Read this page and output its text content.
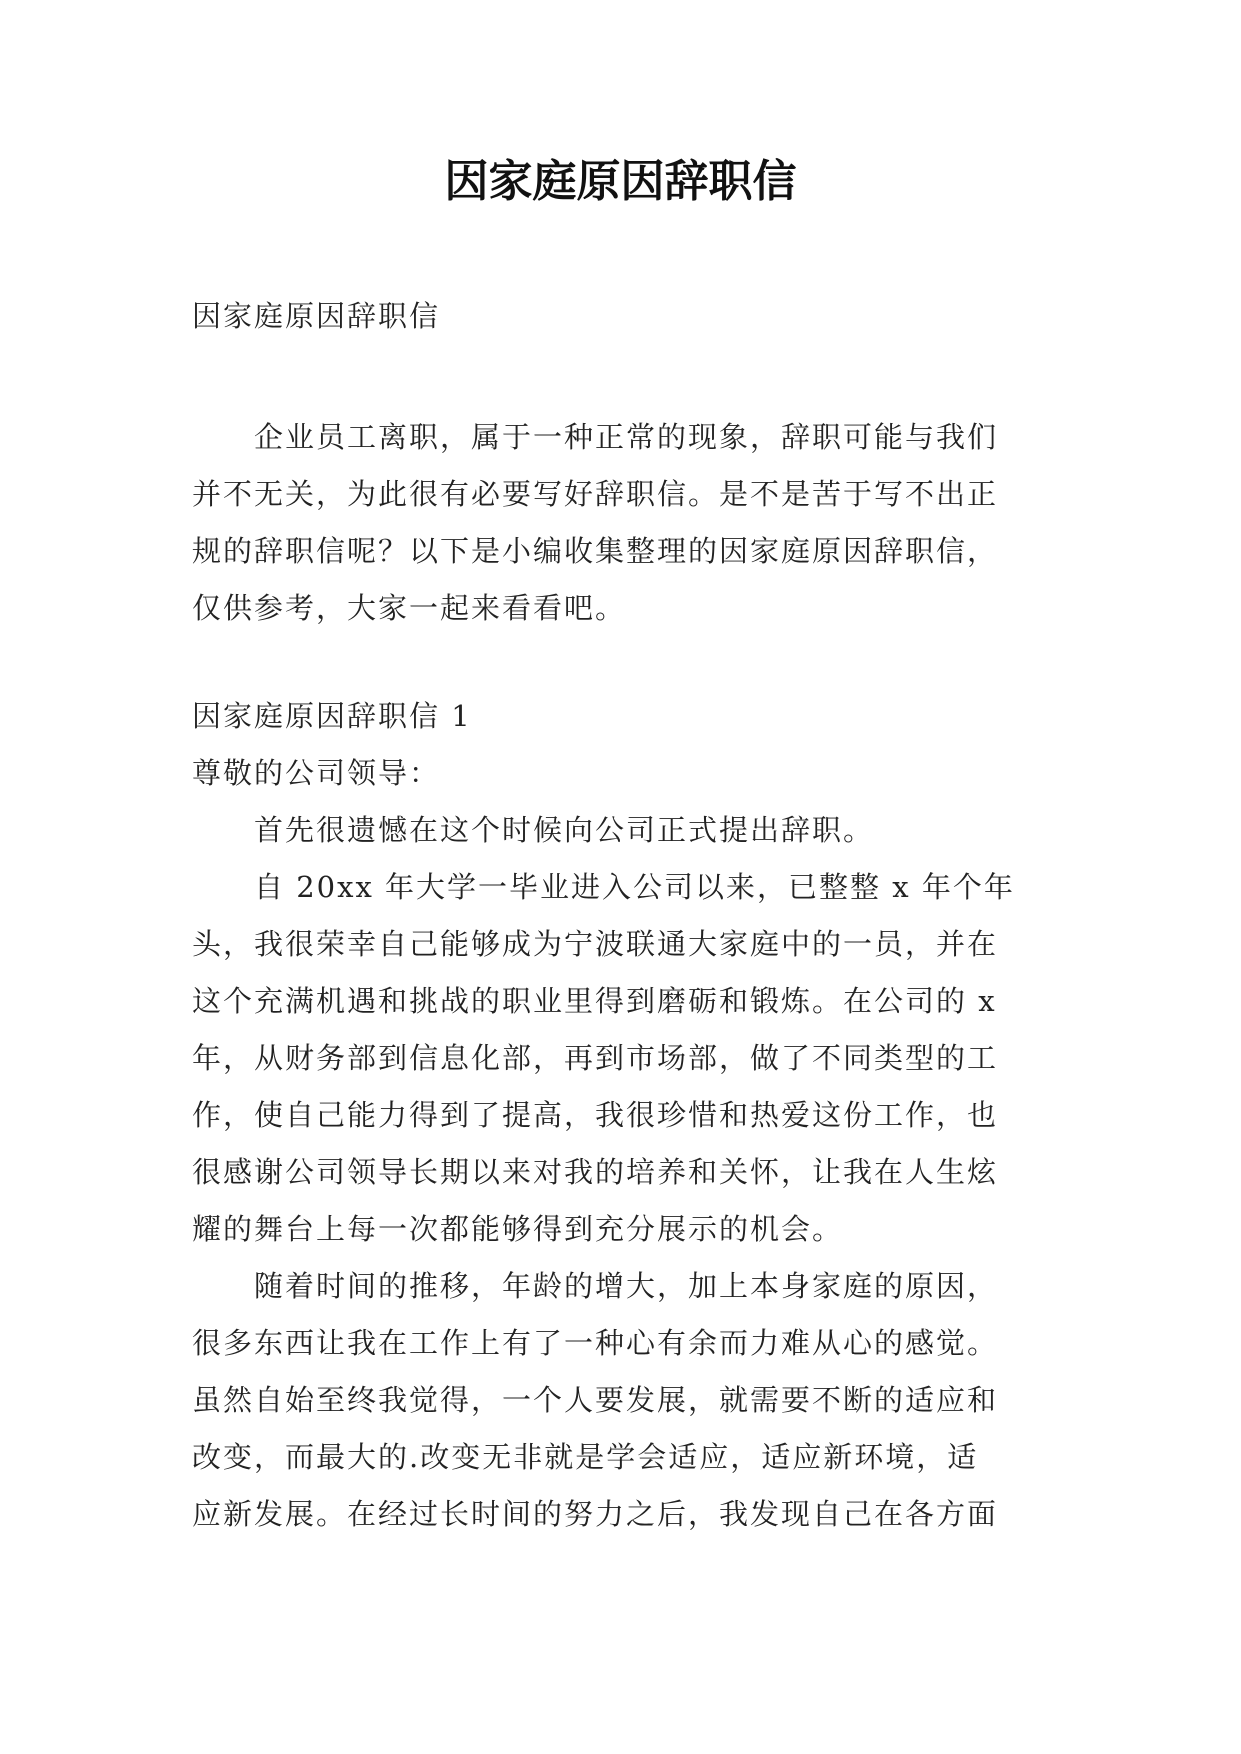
因家庭原因辞职信

因家庭原因辞职信

　　企业员工离职，属于一种正常的现象，辞职可能与我们

并不无关，为此很有必要写好辞职信。是不是苦于写不出正

规的辞职信呢？以下是小编收集整理的因家庭原因辞职信，

仅供参考，大家一起来看看吧。

因家庭原因辞职信 1

尊敬的公司领导：

　　首先很遗憾在这个时候向公司正式提出辞职。

　　自 20xx 年大学一毕业进入公司以来，已整整 x 年个年

头，我很荣幸自己能够成为宁波联通大家庭中的一员，并在

这个充满机遇和挑战的职业里得到磨砺和锻炼。在公司的 x

年，从财务部到信息化部，再到市场部，做了不同类型的工

作，使自己能力得到了提高，我很珍惜和热爱这份工作，也

很感谢公司领导长期以来对我的培养和关怀，让我在人生炫

耀的舞台上每一次都能够得到充分展示的机会。

　　随着时间的推移，年龄的增大，加上本身家庭的原因，

很多东西让我在工作上有了一种心有余而力难从心的感觉。

虽然自始至终我觉得，一个人要发展，就需要不断的适应和

改变，而最大的.改变无非就是学会适应，适应新环境，适

应新发展。在经过长时间的努力之后，我发现自己在各方面
